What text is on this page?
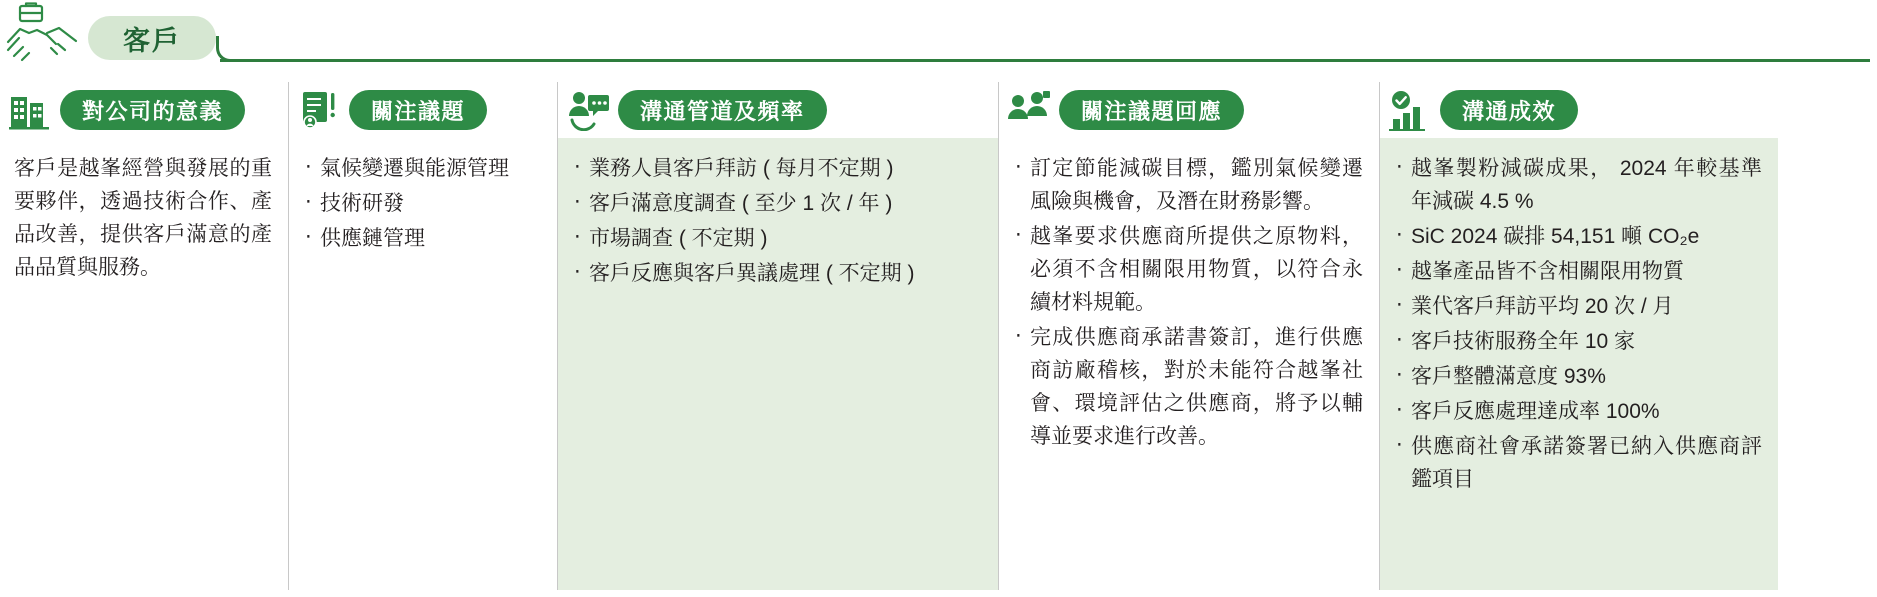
客戶
對公司的意義

客戶是越峯經營與發展的重要夥伴，透過技術合作、產品改善，提供客戶滿意的產品品質與服務。

關注議題
‧ 氣候變遷與能源管理
‧ 技術研發
‧ 供應鏈管理
溝通管道及頻率
‧ 業務人員客戶拜訪 ( 每月不定期 )
‧ 客戶滿意度調查 ( 至少 1 次 / 年 )
‧ 市場調查 ( 不定期 )
‧ 客戶反應與客戶異議處理 ( 不定期 )
關注議題回應
‧ 訂定節能減碳目標，鑑別氣候變遷風險與機會，及潛在財務影響。
‧ 越峯要求供應商所提供之原物料，必須不含相關限用物質，以符合永續材料規範。
‧ 完成供應商承諾書簽訂，進行供應商訪廠稽核，對於未能符合越峯社會、環境評估之供應商，將予以輔導並要求進行改善。
溝通成效
‧ 越峯製粉減碳成果， 2024 年較基準年減碳 4.5 %
‧ SiC 2024 碳排 54,151 噸 CO₂e
‧ 越峯產品皆不含相關限用物質
‧ 業代客戶拜訪平均 20 次 / 月
‧ 客戶技術服務全年 10 家
‧ 客戶整體滿意度 93%
‧ 客戶反應處理達成率 100%
‧ 供應商社會承諾簽署已納入供應商評鑑項目
